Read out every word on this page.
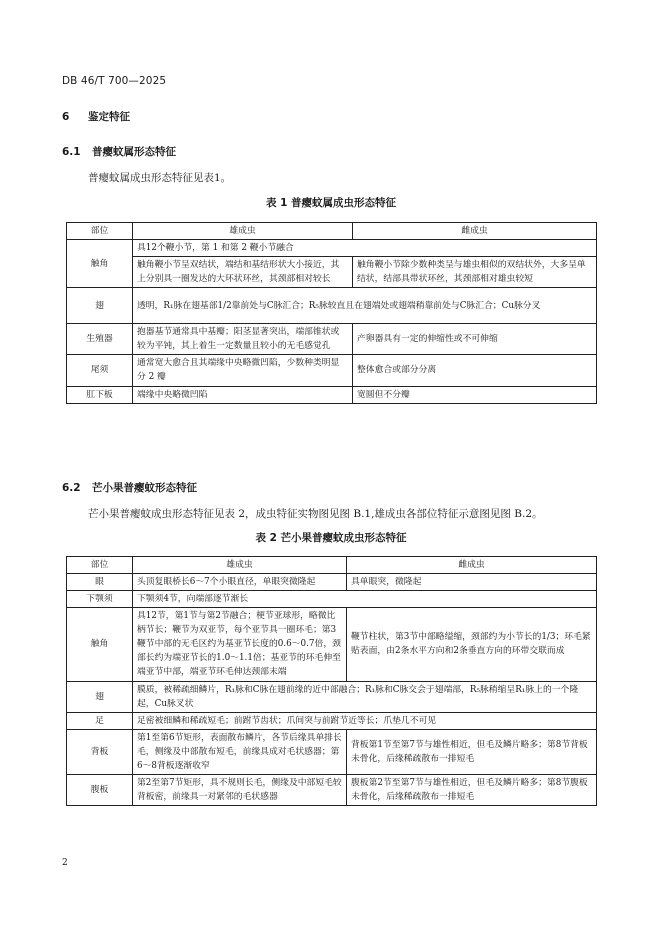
DB 46/T 700—2025
6 鉴定特征
6.1 普瘿蚊属形态特征
普瘿蚊属成虫形态特征见表1。
表 1 普瘿蚊属成虫形态特征
部位	雄成虫	雌成虫
触角	具12个鞭小节，第 1 和第 2 鞭小节融合	
	触角鞭小节呈双结状，端结和基结形状大小接近，其上分别具一圈发达的大环状环丝，其颈部相对较长	触角鞭小节除少数种类呈与雄虫相似的双结状外，大多呈单结状，结部具带状环丝，其颈部相对雄虫较短
翅	透明，R₁脉在翅基部1/2靠前处与C脉汇合；R₅脉较直且在翅端处或翅端稍靠前处与C脉汇合；Cu脉分叉	
生殖器	抱器基节通常具中基瓣；阳茎显著突出，端部锥状或较为平钝，其上着生一定数量且较小的无毛感觉孔	产卵器具有一定的伸缩性或不可伸缩
尾须	通常宽大愈合且其端缘中央略微凹陷，少数种类明显分 2 瓣	整体愈合或部分分离
肛下板	端缘中央略微凹陷	宽圆但不分瓣
6.2 芒小果普瘿蚊形态特征
芒小果普瘿蚊成虫形态特征见表 2，成虫特征实物图见图 B.1,雄成虫各部位特征示意图见图 B.2。
表 2 芒小果普瘿蚊成虫形态特征
部位	雄成虫	雌成虫
眼	头顶复眼桥长6～7个小眼直径，单眼突微隆起	具单眼突，微隆起
下颚须	下颚须4节，向端部逐节渐长	
触角	具12节，第1节与第2节融合；梗节亚球形，略微比柄节长；鞭节为双亚节，每个亚节具一圈环毛；第3鞭节中部的无毛区约为基亚节长度的0.6～0.7倍，颈部长约为端亚节长的1.0～1.1倍；基亚节的环毛伸至端亚节中部，端亚节环毛伸达颈部末端	鞭节柱状，第3节中部略缢缩，颈部约为小节长的1/3；环毛紧贴表面，由2条水平方向和2条垂直方向的环带交联而成
翅	膜质，被稀疏细鳞片，R₁脉和C脉在翅前缘的近中部融合；R₁脉和C脉交会于翅端部，R₅脉稍缩呈R₁脉上的一个隆起，Cu脉叉状	
足	足密被细鳞和稀疏短毛；前跗节齿状；爪间突与前跗节近等长；爪垫几不可见	
背板	第1至第6节矩形，表面散布鳞片，各节后缘具单排长毛，侧缘及中部散布短毛，前缘具成对毛状感器；第6～8背板逐渐收窄	背板第1节至第7节与雄性相近，但毛及鳞片略多；第8节背板未骨化，后缘稀疏散布一排短毛
腹板	第2至第7节矩形，具不规则长毛，侧缘及中部短毛较背板密，前缘具一对紧邻的毛状感器	腹板第2节至第7节与雄性相近，但毛及鳞片略多；第8节腹板未骨化，后缘稀疏散布一排短毛
2
